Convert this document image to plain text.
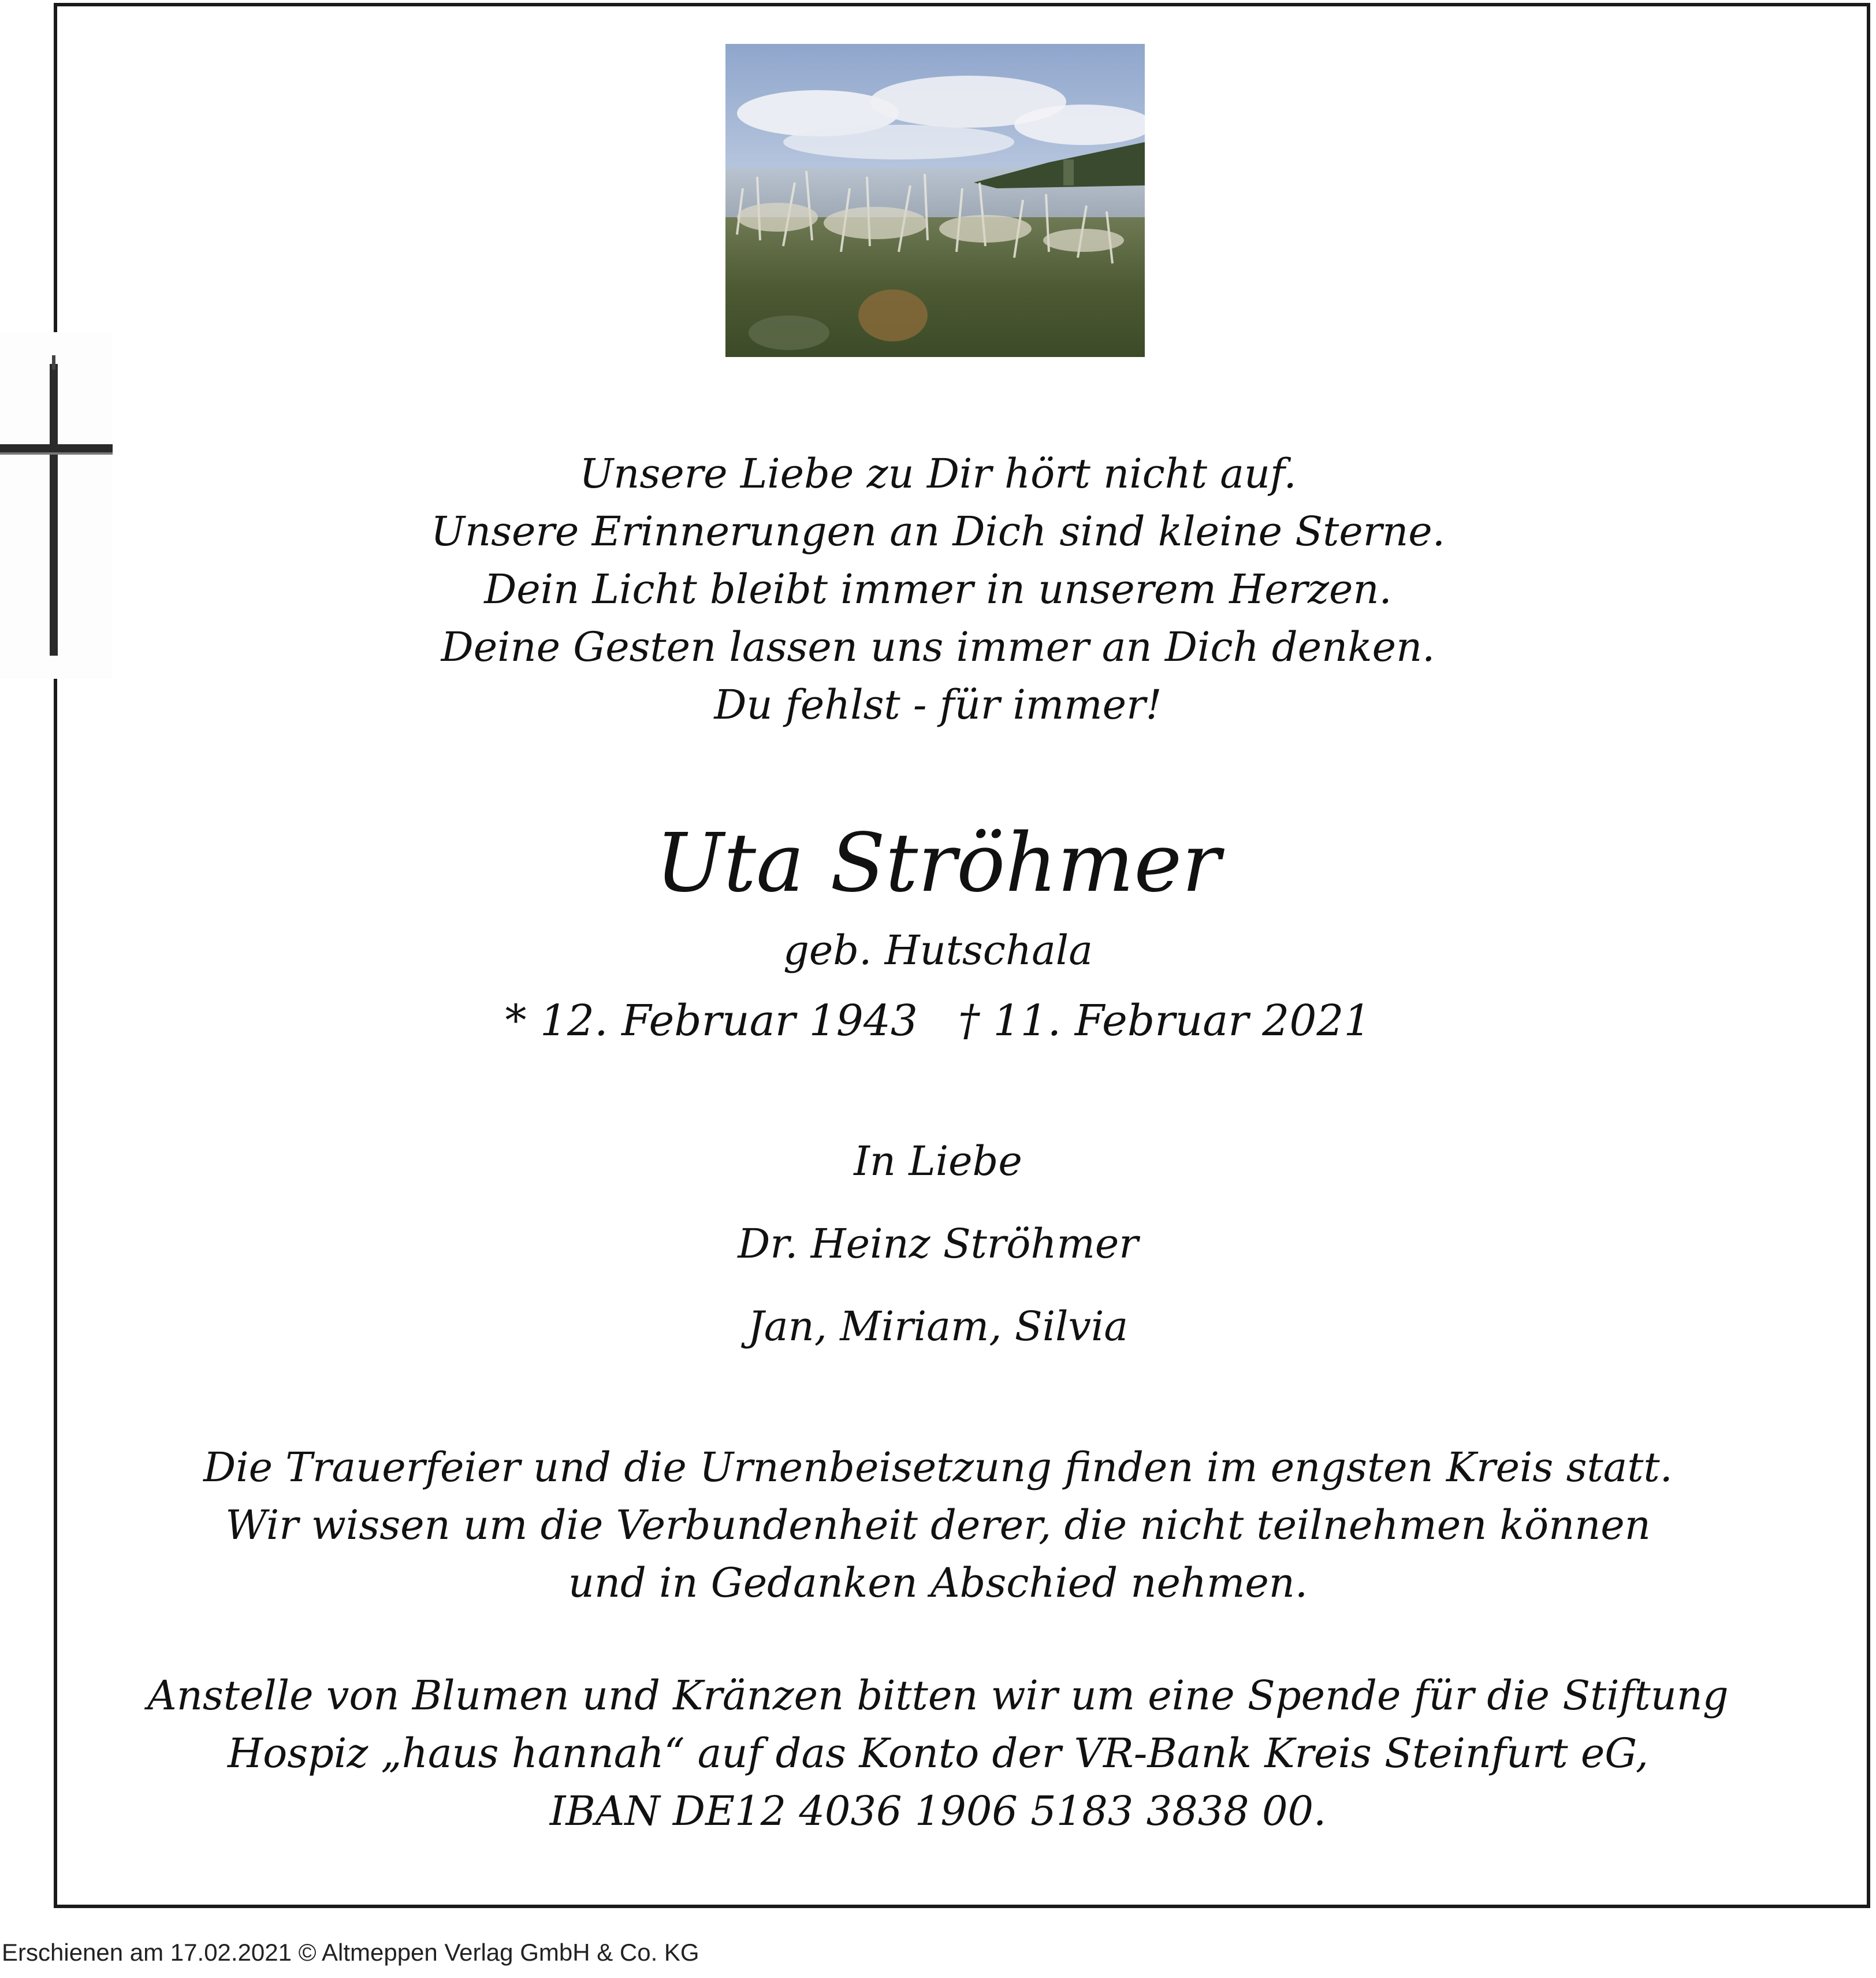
Unsere Liebe zu Dir hört nicht auf.
Unsere Erinnerungen an Dich sind kleine Sterne.
Dein Licht bleibt immer in unserem Herzen.
Deine Gesten lassen uns immer an Dich denken.
Du fehlst - für immer!
Uta Ströhmer
geb. Hutschala
* 12. Februar 1943 † 11. Februar 2021
In Liebe
Dr. Heinz Ströhmer
Jan, Miriam, Silvia
Die Trauerfeier und die Urnenbeisetzung finden im engsten Kreis statt.
Wir wissen um die Verbundenheit derer, die nicht teilnehmen können
und in Gedanken Abschied nehmen.
Anstelle von Blumen und Kränzen bitten wir um eine Spende für die Stiftung
Hospiz „haus hannah“ auf das Konto der VR-Bank Kreis Steinfurt eG,
IBAN DE12 4036 1906 5183 3838 00.
Erschienen am 17.02.2021 © Altmeppen Verlag GmbH & Co. KG
